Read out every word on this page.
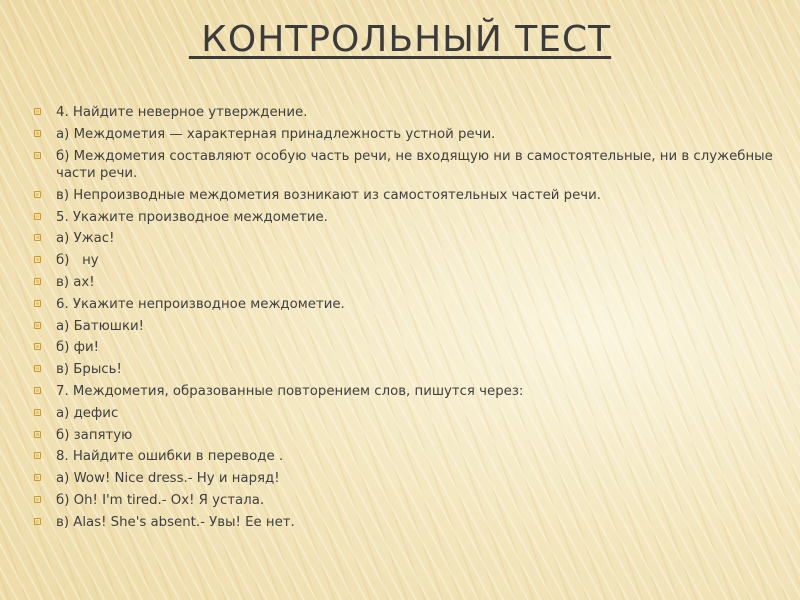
КОНТРОЛЬНЫЙ ТЕСТ
4. Найдите неверное утверждение.
а) Междометия — характерная принадлежность устной речи.
б) Междометия составляют особую часть речи, не входящую ни в самостоятельные, ни в служебные части речи.
в) Непроизводные междометия возникают из самостоятельных частей речи.
5. Укажите производное междометие.
а) Ужас!
б)   ну
в) ах!
6. Укажите непроизводное междометие.
а) Батюшки!
б) фи!
в) Брысь!
7. Междометия, образованные повторением слов, пишутся через:
а) дефис
б) запятую
8. Найдите ошибки в переводе .
а) Wow! Nice dress.- Ну и наряд!
б) Oh! I'm tired.- Ох! Я устала.
в) Alas! She's absent.- Увы! Ее нет.
